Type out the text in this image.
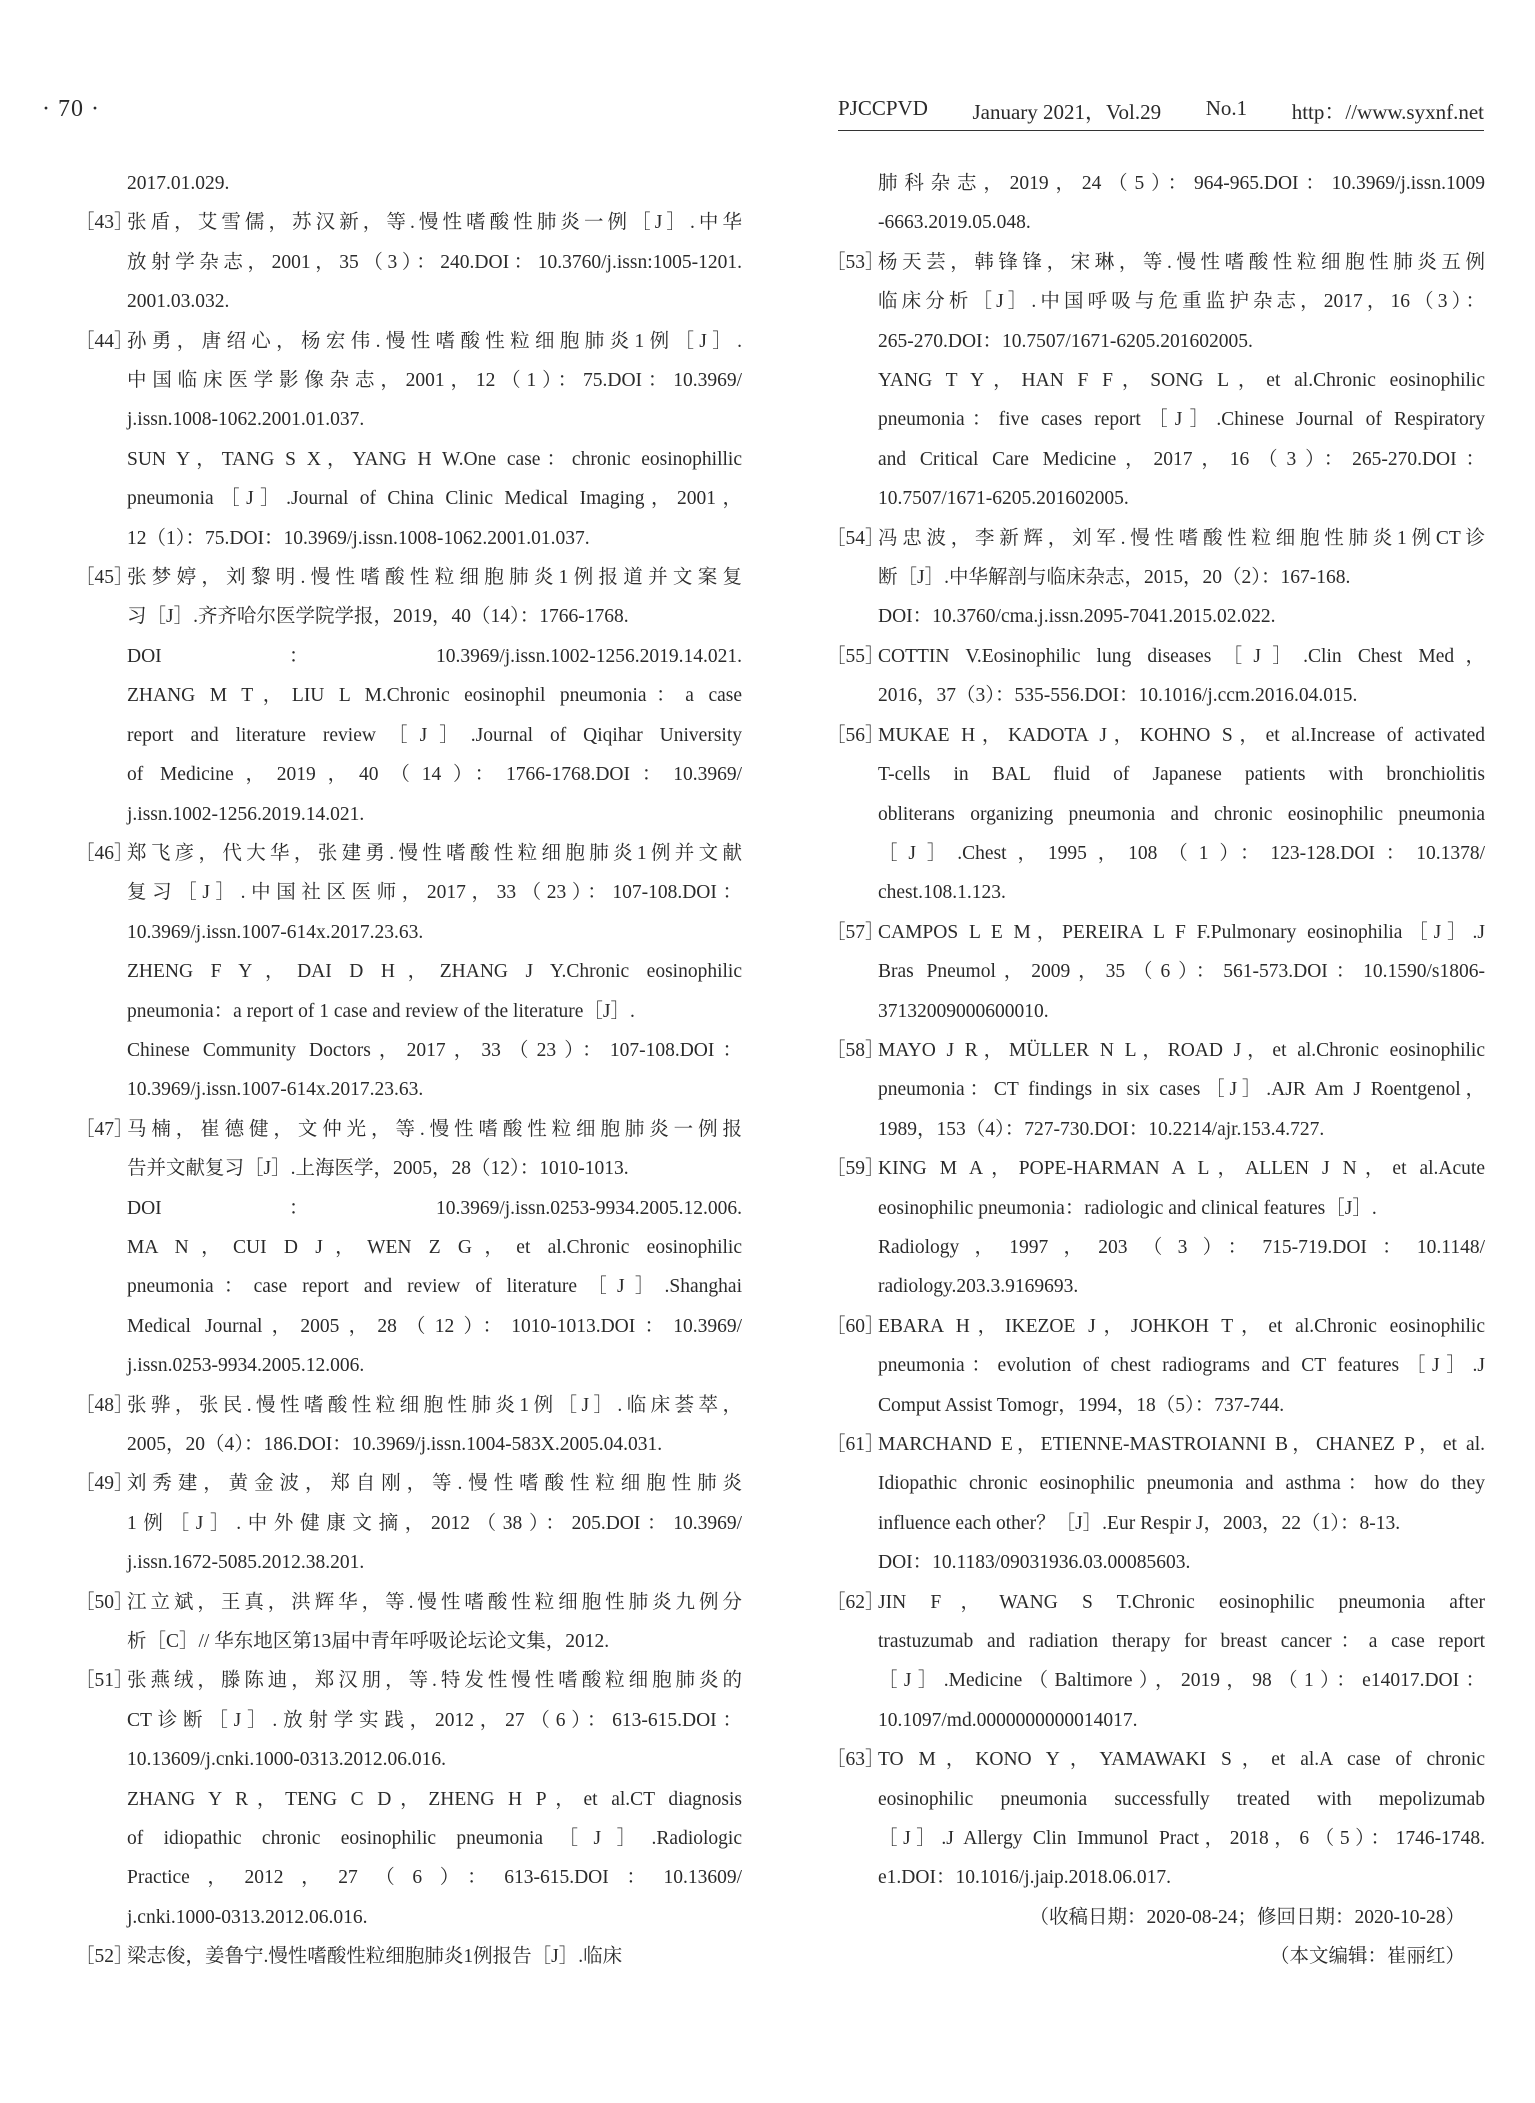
· 70 ·	PJCCPVD January 2021，Vol.29 No.1 http：//www.syxnf.net
2017.01.029.
［43］
张盾，艾雪儒，苏汉新，等.慢性嗜酸性肺炎一例［J］.中华
放射学杂志，2001，35（3）：240.DOI：10.3760/j.issn:1005-1201.
2001.03.032.
［44］
孙勇，唐绍心，杨宏伟.慢性嗜酸性粒细胞肺炎1例［J］.
中国临床医学影像杂志，2001，12（1）：75.DOI：10.3969/
j.issn.1008-1062.2001.01.037.
SUN Y，TANG S X，YANG H W.One case：chronic eosinophillic
pneumonia［J］.Journal of China Clinic Medical Imaging，2001，
12（1）：75.DOI：10.3969/j.issn.1008-1062.2001.01.037.
［45］
张梦婷，刘黎明.慢性嗜酸性粒细胞肺炎1例报道并文案复
习［J］.齐齐哈尔医学院学报，2019，40（14）：1766-1768.
DOI：10.3969/j.issn.1002-1256.2019.14.021.
ZHANG M T，LIU L M.Chronic eosinophil pneumonia：a case
report and literature review［J］.Journal of Qiqihar University
of Medicine，2019，40（14）：1766-1768.DOI：10.3969/
j.issn.1002-1256.2019.14.021.
［46］
郑飞彦，代大华，张建勇.慢性嗜酸性粒细胞肺炎1例并文献
复习［J］.中国社区医师，2017，33（23）：107-108.DOI：
10.3969/j.issn.1007-614x.2017.23.63.
ZHENG F Y，DAI D H，ZHANG J Y.Chronic eosinophilic
pneumonia：a report of 1 case and review of the literature［J］.
Chinese Community Doctors，2017，33（23）：107-108.DOI：
10.3969/j.issn.1007-614x.2017.23.63.
［47］
马楠，崔德健，文仲光，等.慢性嗜酸性粒细胞肺炎一例报
告并文献复习［J］.上海医学，2005，28（12）：1010-1013.
DOI：10.3969/j.issn.0253-9934.2005.12.006.
MA N，CUI D J，WEN Z G，et al.Chronic eosinophilic
pneumonia：case report and review of literature［J］.Shanghai
Medical Journal，2005，28（12）：1010-1013.DOI：10.3969/
j.issn.0253-9934.2005.12.006.
［48］
张骅，张民.慢性嗜酸性粒细胞性肺炎1例［J］.临床荟萃，
2005，20（4）：186.DOI：10.3969/j.issn.1004-583X.2005.04.031.
［49］
刘秀建，黄金波，郑自刚，等.慢性嗜酸性粒细胞性肺炎
1例［J］.中外健康文摘，2012（38）：205.DOI：10.3969/
j.issn.1672-5085.2012.38.201.
［50］
江立斌，王真，洪辉华，等.慢性嗜酸性粒细胞性肺炎九例分
析［C］// 华东地区第13届中青年呼吸论坛论文集，2012.
［51］
张燕绒，滕陈迪，郑汉朋，等.特发性慢性嗜酸粒细胞肺炎的
CT诊断［J］.放射学实践，2012，27（6）：613-615.DOI：
10.13609/j.cnki.1000-0313.2012.06.016.
ZHANG Y R，TENG C D，ZHENG H P，et al.CT diagnosis
of idiopathic chronic eosinophilic pneumonia［J］.Radiologic
Practice，2012，27（6）：613-615.DOI：10.13609/
j.cnki.1000-0313.2012.06.016.
［52］
梁志俊，姜鲁宁.慢性嗜酸性粒细胞肺炎1例报告［J］.临床
肺科杂志，2019，24（5）：964-965.DOI：10.3969/j.issn.1009
-6663.2019.05.048.
［53］
杨天芸，韩锋锋，宋琳，等.慢性嗜酸性粒细胞性肺炎五例
临床分析［J］.中国呼吸与危重监护杂志，2017，16（3）：
265-270.DOI：10.7507/1671-6205.201602005.
YANG T Y，HAN F F，SONG L，et al.Chronic eosinophilic
pneumonia：five cases report［J］.Chinese Journal of Respiratory
and Critical Care Medicine，2017，16（3）：265-270.DOI：
10.7507/1671-6205.201602005.
［54］
冯忠波，李新辉，刘军.慢性嗜酸性粒细胞性肺炎1例CT诊
断［J］.中华解剖与临床杂志，2015，20（2）：167-168.
DOI：10.3760/cma.j.issn.2095-7041.2015.02.022.
［55］
COTTIN V.Eosinophilic lung diseases［J］.Clin Chest Med，
2016，37（3）：535-556.DOI：10.1016/j.ccm.2016.04.015.
［56］
MUKAE H，KADOTA J，KOHNO S，et al.Increase of activated
T-cells in BAL fluid of Japanese patients with bronchiolitis
obliterans organizing pneumonia and chronic eosinophilic pneumonia
［J］.Chest，1995，108（1）：123-128.DOI：10.1378/
chest.108.1.123.
［57］
CAMPOS L E M，PEREIRA L F F.Pulmonary eosinophilia［J］.J
Bras Pneumol，2009，35（6）：561-573.DOI：10.1590/s1806-
37132009000600010.
［58］
MAYO J R，MÜLLER N L，ROAD J，et al.Chronic eosinophilic
pneumonia：CT findings in six cases［J］.AJR Am J Roentgenol，
1989，153（4）：727-730.DOI：10.2214/ajr.153.4.727.
［59］
KING M A，POPE-HARMAN A L，ALLEN J N，et al.Acute
eosinophilic pneumonia：radiologic and clinical features［J］.
Radiology，1997，203（3）：715-719.DOI：10.1148/
radiology.203.3.9169693.
［60］
EBARA H，IKEZOE J，JOHKOH T，et al.Chronic eosinophilic
pneumonia：evolution of chest radiograms and CT features［J］.J
Comput Assist Tomogr，1994，18（5）：737-744.
［61］
MARCHAND E，ETIENNE-MASTROIANNI B，CHANEZ P，et al.
Idiopathic chronic eosinophilic pneumonia and asthma：how do they
influence each other？［J］.Eur Respir J，2003，22（1）：8-13.
DOI：10.1183/09031936.03.00085603.
［62］
JIN F，WANG S T.Chronic eosinophilic pneumonia after
trastuzumab and radiation therapy for breast cancer：a case report
［J］.Medicine（Baltimore），2019，98（1）：e14017.DOI：
10.1097/md.0000000000014017.
［63］
TO M，KONO Y，YAMAWAKI S，et al.A case of chronic
eosinophilic pneumonia successfully treated with mepolizumab
［J］.J Allergy Clin Immunol Pract，2018，6（5）：1746-1748.
e1.DOI：10.1016/j.jaip.2018.06.017.
（收稿日期：2020-08-24；修回日期：2020-10-28）
（本文编辑：崔丽红）
